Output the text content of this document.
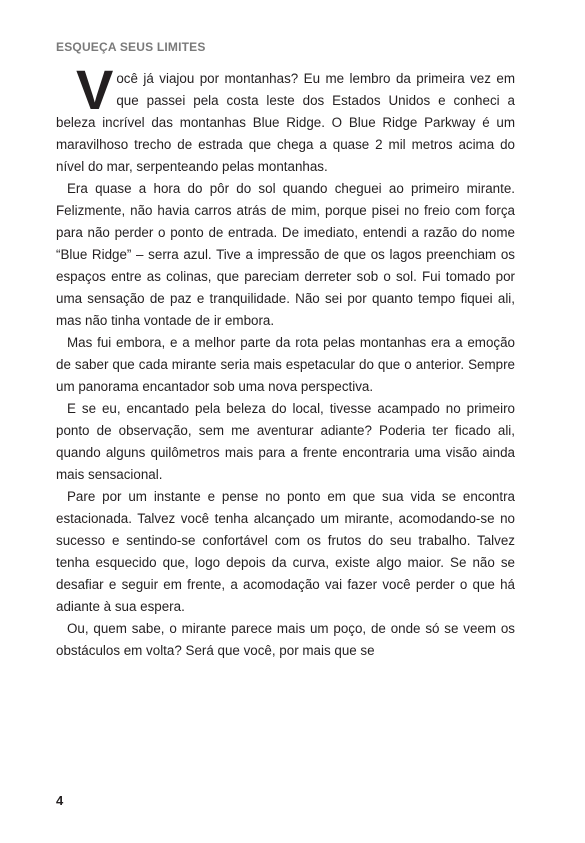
ESQUEÇA SEUS LIMITES

Você já viajou por montanhas? Eu me lembro da primeira vez em que passei pela costa leste dos Estados Unidos e conheci a beleza incrível das montanhas Blue Ridge. O Blue Ridge Parkway é um maravilhoso trecho de estrada que chega a quase 2 mil metros acima do nível do mar, serpenteando pelas montanhas.

Era quase a hora do pôr do sol quando cheguei ao primeiro mirante. Felizmente, não havia carros atrás de mim, porque pisei no freio com força para não perder o ponto de entrada. De imediato, entendi a razão do nome “Blue Ridge” – serra azul. Tive a impressão de que os lagos preenchiam os espaços entre as colinas, que pareciam derreter sob o sol. Fui tomado por uma sensação de paz e tranquilidade. Não sei por quanto tempo fiquei ali, mas não tinha vontade de ir embora.

Mas fui embora, e a melhor parte da rota pelas montanhas era a emoção de saber que cada mirante seria mais espetacular do que o anterior. Sempre um panorama encantador sob uma nova perspectiva.

E se eu, encantado pela beleza do local, tivesse acampado no primeiro ponto de observação, sem me aventurar adiante? Poderia ter ficado ali, quando alguns quilômetros mais para a frente encontraria uma visão ainda mais sensacional.

Pare por um instante e pense no ponto em que sua vida se encontra estacionada. Talvez você tenha alcançado um mirante, acomodando-se no sucesso e sentindo-se confortável com os frutos do seu trabalho. Talvez tenha esquecido que, logo depois da curva, existe algo maior. Se não se desafiar e seguir em frente, a acomodação vai fazer você perder o que há adiante à sua espera.

Ou, quem sabe, o mirante parece mais um poço, de onde só se veem os obstáculos em volta? Será que você, por mais que se

4
